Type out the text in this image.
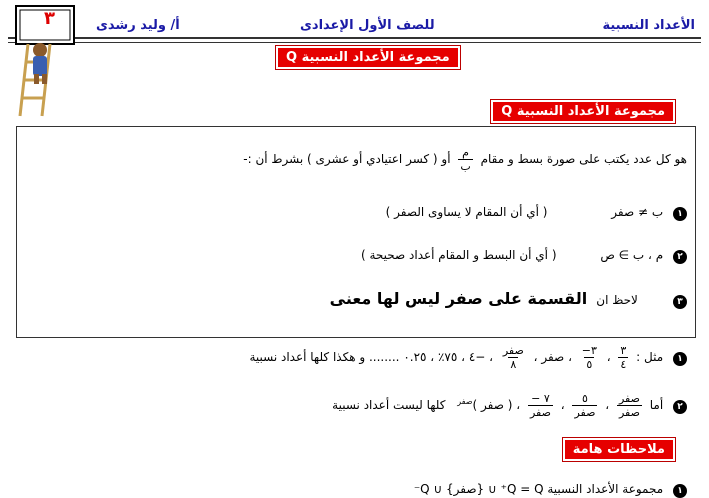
الأعداد النسبية
للصف الأول الإعدادى
أ/ وليد رشدى
٣
مجموعة الأعداد النسبية Q
مجموعة الأعداد النسبية Q
هو كل عدد يكتب على صورة بسط و مقام
$\frac{\text{م}}{\text{ب}}$
أو ( كسر اعتيادي أو عشرى ) بشرط أن :-
١ ب ≠ صفر ( أي أن المقام لا يساوى الصفر )
٢ م ، ب ∋ ص ( أي أن البسط و المقام أعداد صحيحة )
٣ لاحظ ان القسمة على صفر ليس لها معنى
١ مثل :
$\frac{٣}{٤}$
،
$\frac{٣-}{٥}$
، صفر ،
$\frac{\text{صفر}}{٨}$
، −٤ ، ٧٥٪ ، ٠.٢٥ ........ و هكذا كلها أعداد نسبية
٢ أما
$\frac{\text{صفر}}{\text{صفر}}$
،
$\frac{٥}{\text{صفر}}$
،
$\frac{٧ -}{\text{صفر}}$
، ( صفر )$^{صفر}$ كلها ليست أعداد نسبية
ملاحظات هامة
١ مجموعة الأعداد النسبية Q = Q⁺ ∪ {صفر} ∪ Q⁻
